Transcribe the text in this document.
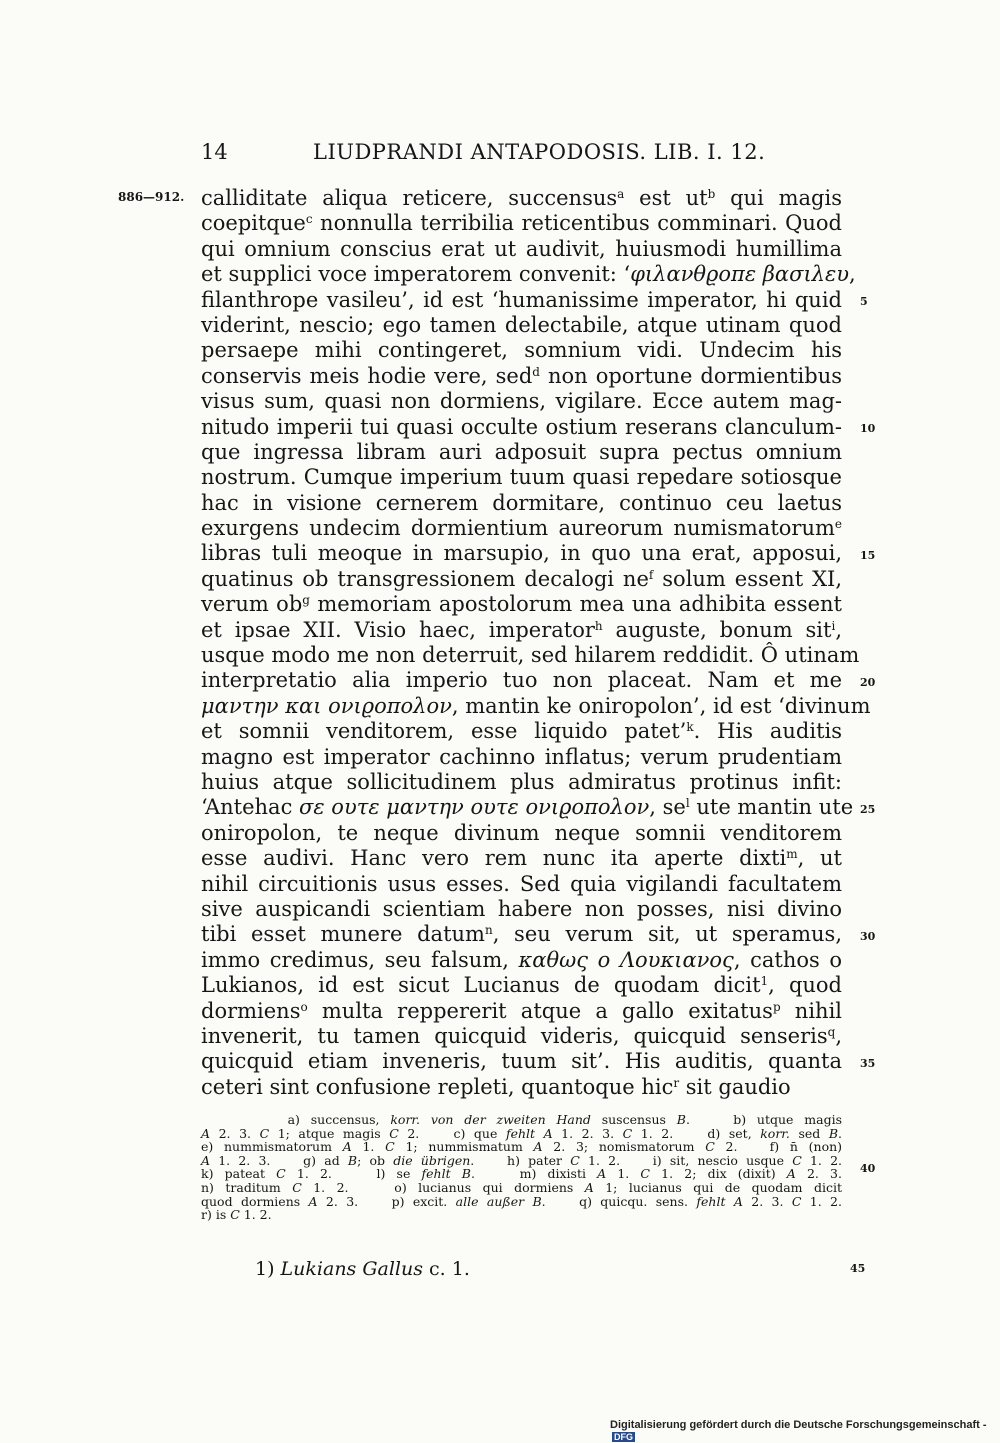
14	LIUDPRANDI ANTAPODOSIS. LIB. I. 12.
886—912. calliditate aliqua reticere, succensus$^a$ est $ut^b$ qui magis
coepitque$^c$ nonnulla terribilia reticentibus comminari. Quod
qui omnium conscius erat ut audivit, huiusmodi humillima
et supplici voce imperatorem convenit: ‘φιλανθϱοπε βασιλευ,
filanthrope vasileu’, id est ‘humanissime imperator, hi quid
viderint, nescio; ego tamen delectabile, atque utinam quod
persaepe mihi contingeret, somnium vidi. Undecim his
conservis meis hodie vere, sed$^d$ non oportune dormientibus
visus sum, quasi non dormiens, vigilare. Ecce autem mag-
nitudo imperii tui quasi occulte ostium reserans clanculum-
que ingressa libram auri adposuit supra pectus omnium
nostrum. Cumque imperium tuum quasi repedare sotiosque
hac in visione cernerem dormitare, continuo ceu laetus
exurgens undecim dormientium aureorum numismatorum$^e$
libras tuli meoque in marsupio, in quo una erat, apposui,
quatinus ob transgressionem decalogi $ne^f$ solum essent XI,
verum $ob^g$ memoriam apostolorum mea una adhibita essent
et ipsae XII. Visio haec, imperator$^h$ auguste, bonum sit$^i$,
usque modo me non deterruit, sed hilarem reddidit. Ô utinam
interpretatio alia imperio tuo non placeat. Nam et me
μαντην και ονιϱοπολον, mantin ke oniropolon’, id est ‘divinum
et somnii venditorem, esse liquido patet’$^k$. His auditis
magno est imperator cachinno inflatus; verum prudentiam
huius atque sollicitudinem plus admiratus protinus infit:
‘Antehac σε ουτε μαντην ουτε ονιϱοπολον, $se^l$ ute mantin ute
oniropolon, te neque divinum neque somnii venditorem
esse audivi. Hanc vero rem nunc ita aperte dixti$^m$, ut
nihil circuitionis usus esses. Sed quia vigilandi facultatem
sive auspicandi scientiam habere non posses, nisi divino
tibi esset munere datum$^n$, seu verum sit, ut speramus,
immo credimus, seu falsum, καθως ο Λουκιανος, cathos o
Lukianos, id est sicut Lucianus de quodam dicit$^1$, quod
dormiens$^o$ multa reppererit atque a gallo exitatus$^p$ nihil
invenerit, tu tamen quicquid videris, quicquid senseris$^q$,
quicquid etiam inveneris, tuum sit’. His auditis, quanta
ceteri sint confusione repleti, quantoque hic$^r$ sit gaudio
5
10
15
20
25
30
35
a) succensus, korr. von der zweiten Hand suscensus B.    b) utque magis
A 2. 3. C 1; atque magis C 2.    c) que fehlt A 1. 2. 3. C 1. 2.    d) set, korr. sed B.
e) nummismatorum A 1. C 1; nummismatum A 2. 3; nomismatorum C 2.   f) n̄ (non)
A 1. 2. 3.    g) ad B; ob die übrigen.    h) pater C 1. 2.    i) sit, nescio usque C 1. 2.
k) pateat C 1. 2.    l) se fehlt B.    m) dixisti A 1. C 1. 2; dix (dixit) A 2. 3.
n) traditum C 1. 2.    o) lucianus qui dormiens A 1; lucianus qui de quodam dicit
quod dormiens A 2. 3.    p) excit. alle außer B.    q) quicqu. sens. fehlt A 2. 3. C 1. 2.
r) is C 1. 2.
40
1) Lukians Gallus c. 1.	45
Digitalisierung gefördert durch die Deutsche Forschungsgemeinschaft -DFG
